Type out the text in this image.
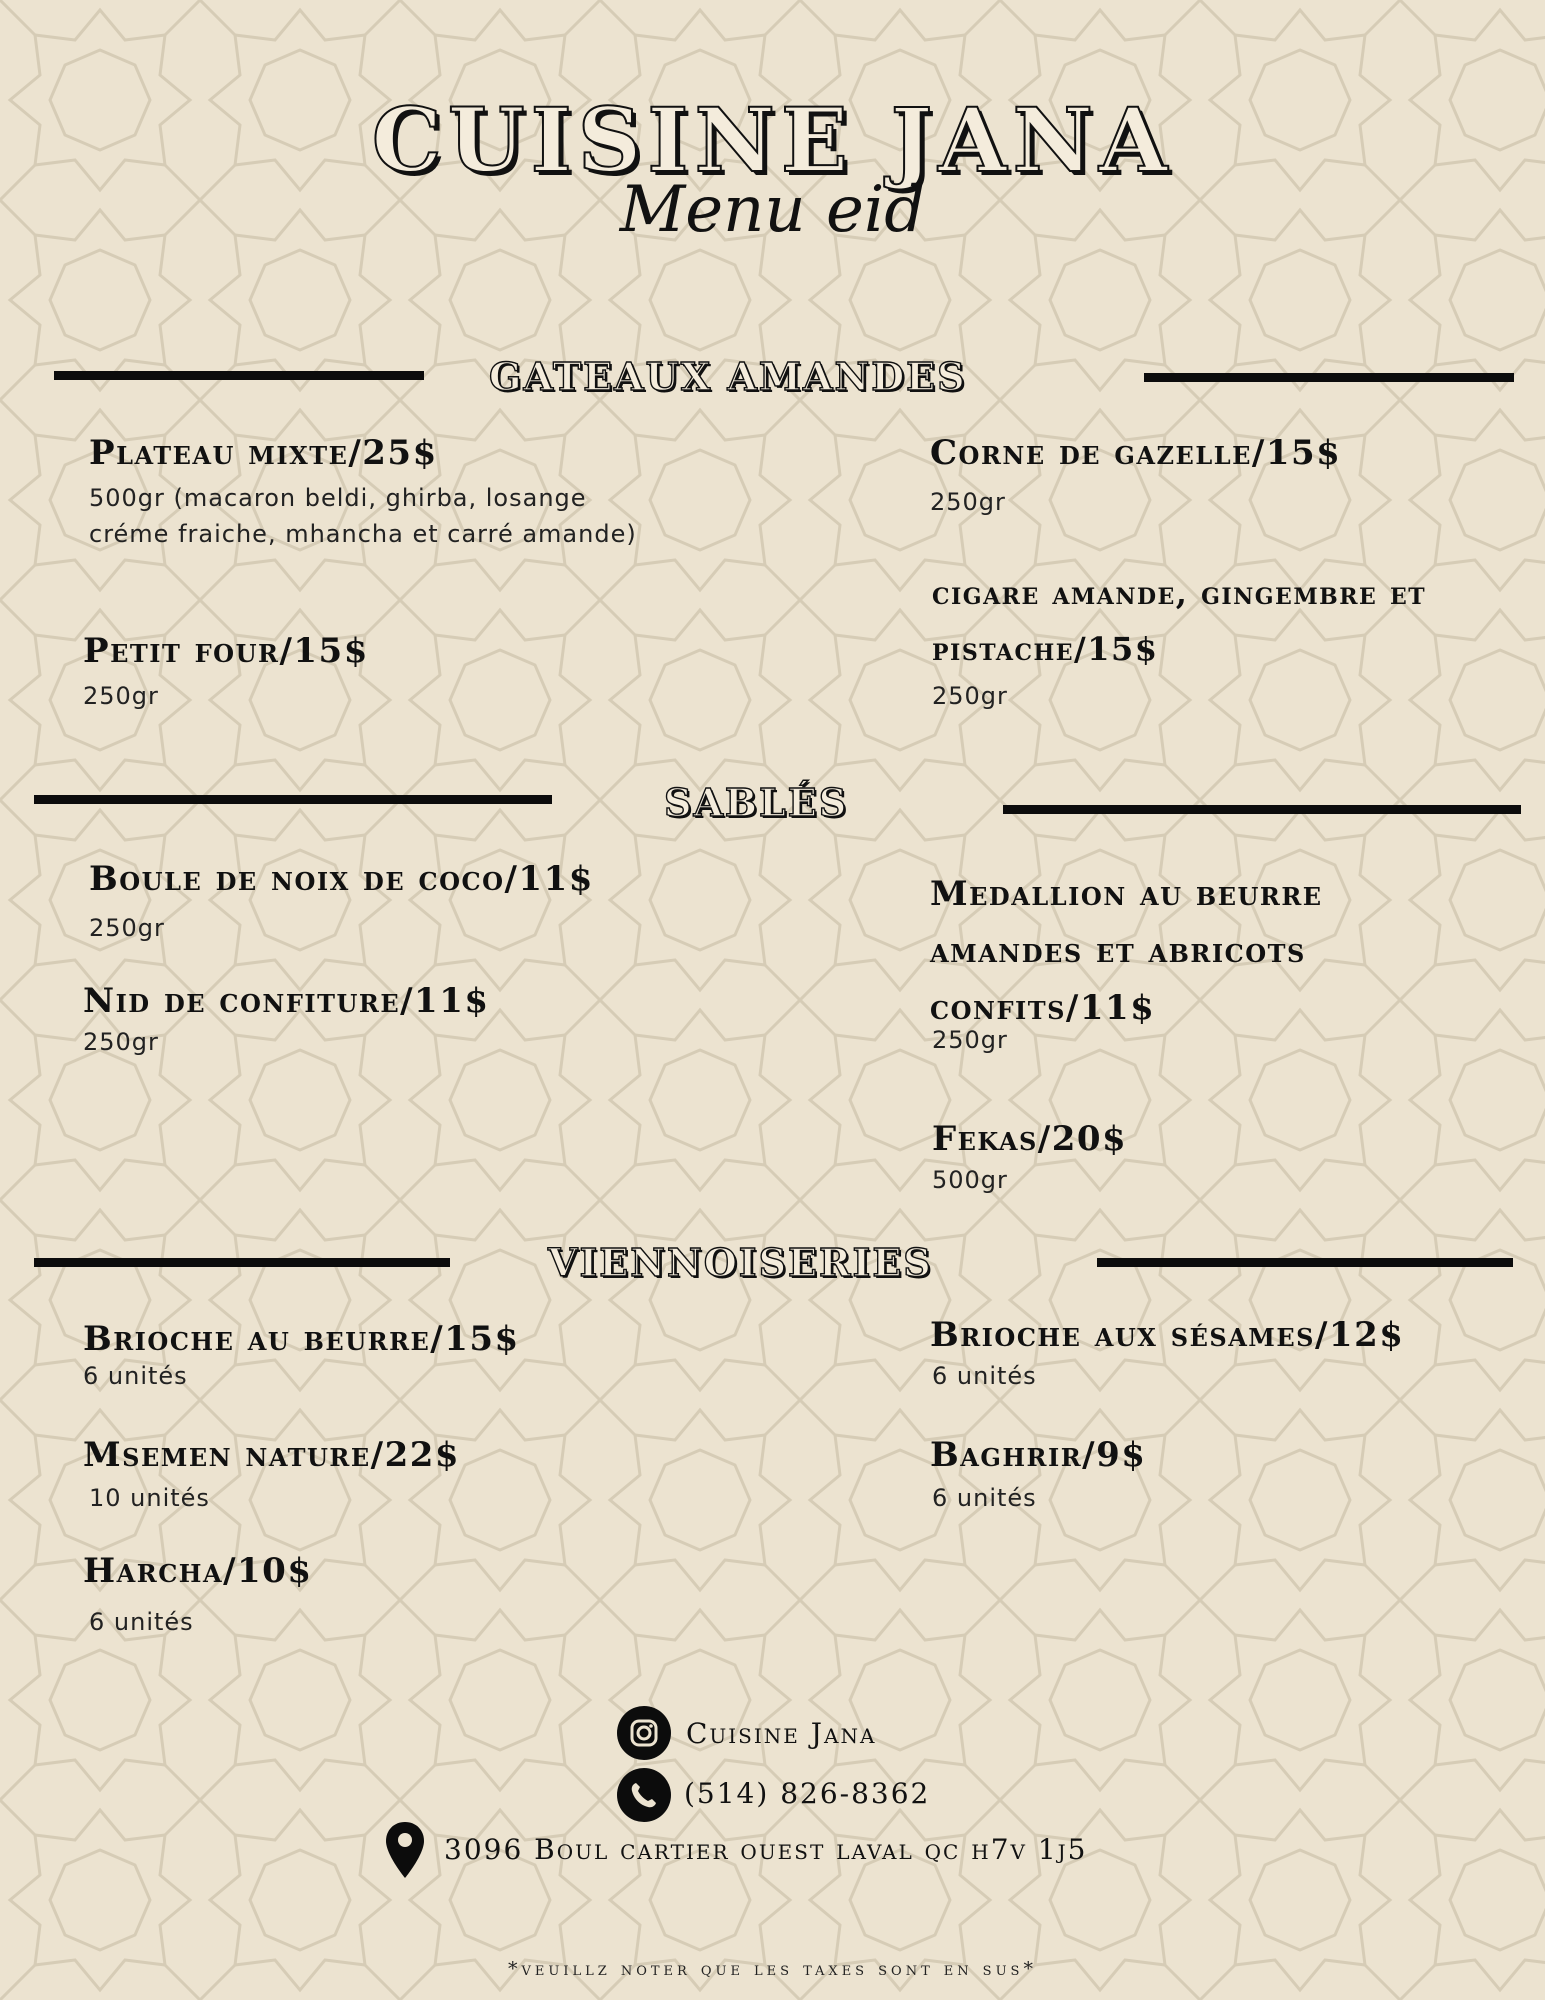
CUISINE JANA
Menu eid
GATEAUX AMANDES
Plateau mixte/25$
500gr (macaron beldi, ghirba, losange créme fraiche, mhancha et carré amande)
Petit four/15$
250gr
Corne de gazelle/15$
250gr
cigare amande, gingembre et pistache/15$
250gr
SABLÉS
Boule de noix de coco/11$
250gr
Nid de confiture/11$
250gr
Medallion au beurre amandes et abricots confits/11$
250gr
Fekas/20$
500gr
VIENNOISERIES
Brioche au beurre/15$
6 unités
Msemen nature/22$
10 unités
Harcha/10$
6 unités
Brioche aux sésames/12$
6 unités
Baghrir/9$
6 unités
Cuisine Jana
(514) 826-8362
3096 Boul cartier ouest laval qc h7v 1j5
*veuillz noter que les taxes sont en sus*
